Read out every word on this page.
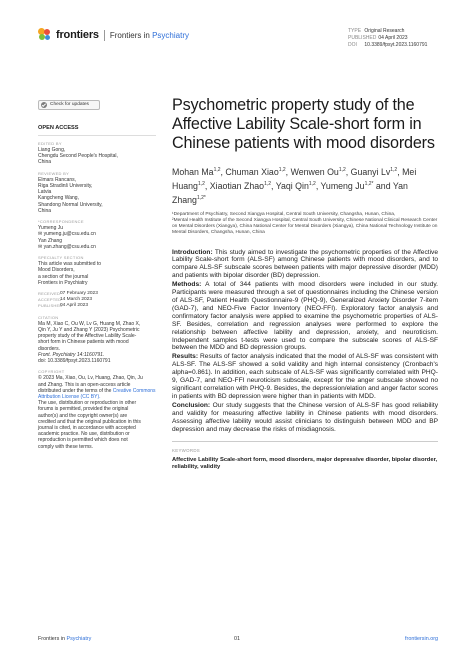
frontiers Frontiers in Psychiatry	TYPE Original Research
PUBLISHED 04 April 2023
DOI 10.3389/fpsyt.2023.1160791
Check for updates
OPEN ACCESS
EDITED BY
Liang Gong,
Chengdu Second People's Hospital,
China
REVIEWED BY
Elmars Rancans,
Riga Stradinš University,
Latvia
Kangcheng Wang,
Shandong Normal University,
China
*CORRESPONDENCE
Yumeng Ju
✉ yumeng.ju@csu.edu.cn
Yan Zhang
✉ yan.zhang@csu.edu.cn
SPECIALTY SECTION
This article was submitted to
Mood Disorders,
a section of the journal
Frontiers in Psychiatry
RECEIVED 07 February 2023
ACCEPTED
14 March 2023
PUBLISHED
04 April 2023
CITATION
Ma M, Xiao C, Ou W, Lv G, Huang M, Zhao X,
Qin Y, Ju Y and Zhang Y (2023) Psychometric
property study of the Affective Lability Scale-
short form in Chinese patients with mood
disorders.
Front. Psychiatry 14:1160791.
doi: 10.3389/fpsyt.2023.1160791
COPYRIGHT
© 2023 Ma, Xiao, Ou, Lv, Huang, Zhao, Qin, Ju
and Zhang. This is an open-access article
distributed under the terms of the Creative Commons Attribution License (CC BY).
The use, distribution or reproduction in other
forums is permitted, provided the original
author(s) and the copyright owner(s) are
credited and that the original publication in this
journal is cited, in accordance with accepted
academic practice. No use, distribution or
reproduction is permitted which does not
comply with these terms.
Psychometric property study of the Affective Lability Scale-short form in Chinese patients with mood disorders
Mohan Ma$^{1,2}$, Chuman Xiao$^{1,2}$, Wenwen Ou$^{1,2}$, Guanyi Lv$^{1,2}$, Mei Huang$^{1,2}$, Xiaotian Zhao$^{1,2}$, Yaqi Qin$^{1,2}$, Yumeng $Ju^{1,2*}$ and Yan Zhang$^{1,2*}$
¹Department of Psychiatry, Second Xiangya Hospital, Central South University, Changsha, Hunan, China,
²Mental Health Institute of the Second Xiangya Hospital, Central South University, Chinese National Clinical Research Center on Mental Disorders (Xiangya), China National Center for Mental Disorders (Xiangya), China National Technology Institute on Mental Disorders, Changsha, Hunan, China

Introduction: This study aimed to investigate the psychometric properties of the Affective Lability Scale-short form (ALS-SF) among Chinese patients with mood disorders, and to compare ALS-SF subscale scores between patients with major depressive disorder (MDD) and patients with bipolar disorder (BD) depression.

Methods: A total of 344 patients with mood disorders were included in our study. Participants were measured through a set of questionnaires including the Chinese version of ALS-SF, Patient Health Questionnaire-9 (PHQ-9), Generalized Anxiety Disorder 7-item (GAD-7), and NEO-Five Factor Inventory (NEO-FFI). Exploratory factor analysis and confirmatory factor analysis were applied to examine the psychometric properties of ALS-SF. Besides, correlation and regression analyses were performed to explore the relationship between affective lability and depression, anxiety, and neuroticism. Independent samples t-tests were used to compare the subscale scores of ALS-SF between the MDD and BD depression groups.

Results: Results of factor analysis indicated that the model of ALS-SF was consistent with ALS-SF. The ALS-SF showed a solid validity and high internal consistency (Cronbach's alpha=0.861). In addition, each subscale of ALS-SF was significantly correlated with PHQ-9, GAD-7, and NEO-FFI neuroticism subscale, except for the anger subscale showed no significant correlation with PHQ-9. Besides, the depression/elation and anger factor scores in patients with BD depression were higher than in patients with MDD.

Conclusion: Our study suggests that the Chinese version of ALS-SF has good reliability and validity for measuring affective lability in Chinese patients with mood disorders. Assessing affective lability would assist clinicians to distinguish between MDD and BP depression and may decrease the risks of misdiagnosis.

KEYWORDS
Affective Lability Scale-short form, mood disorders, major depressive disorder, bipolar disorder, reliability, validity
Frontiers in Psychiatry	01	frontiersin.org
